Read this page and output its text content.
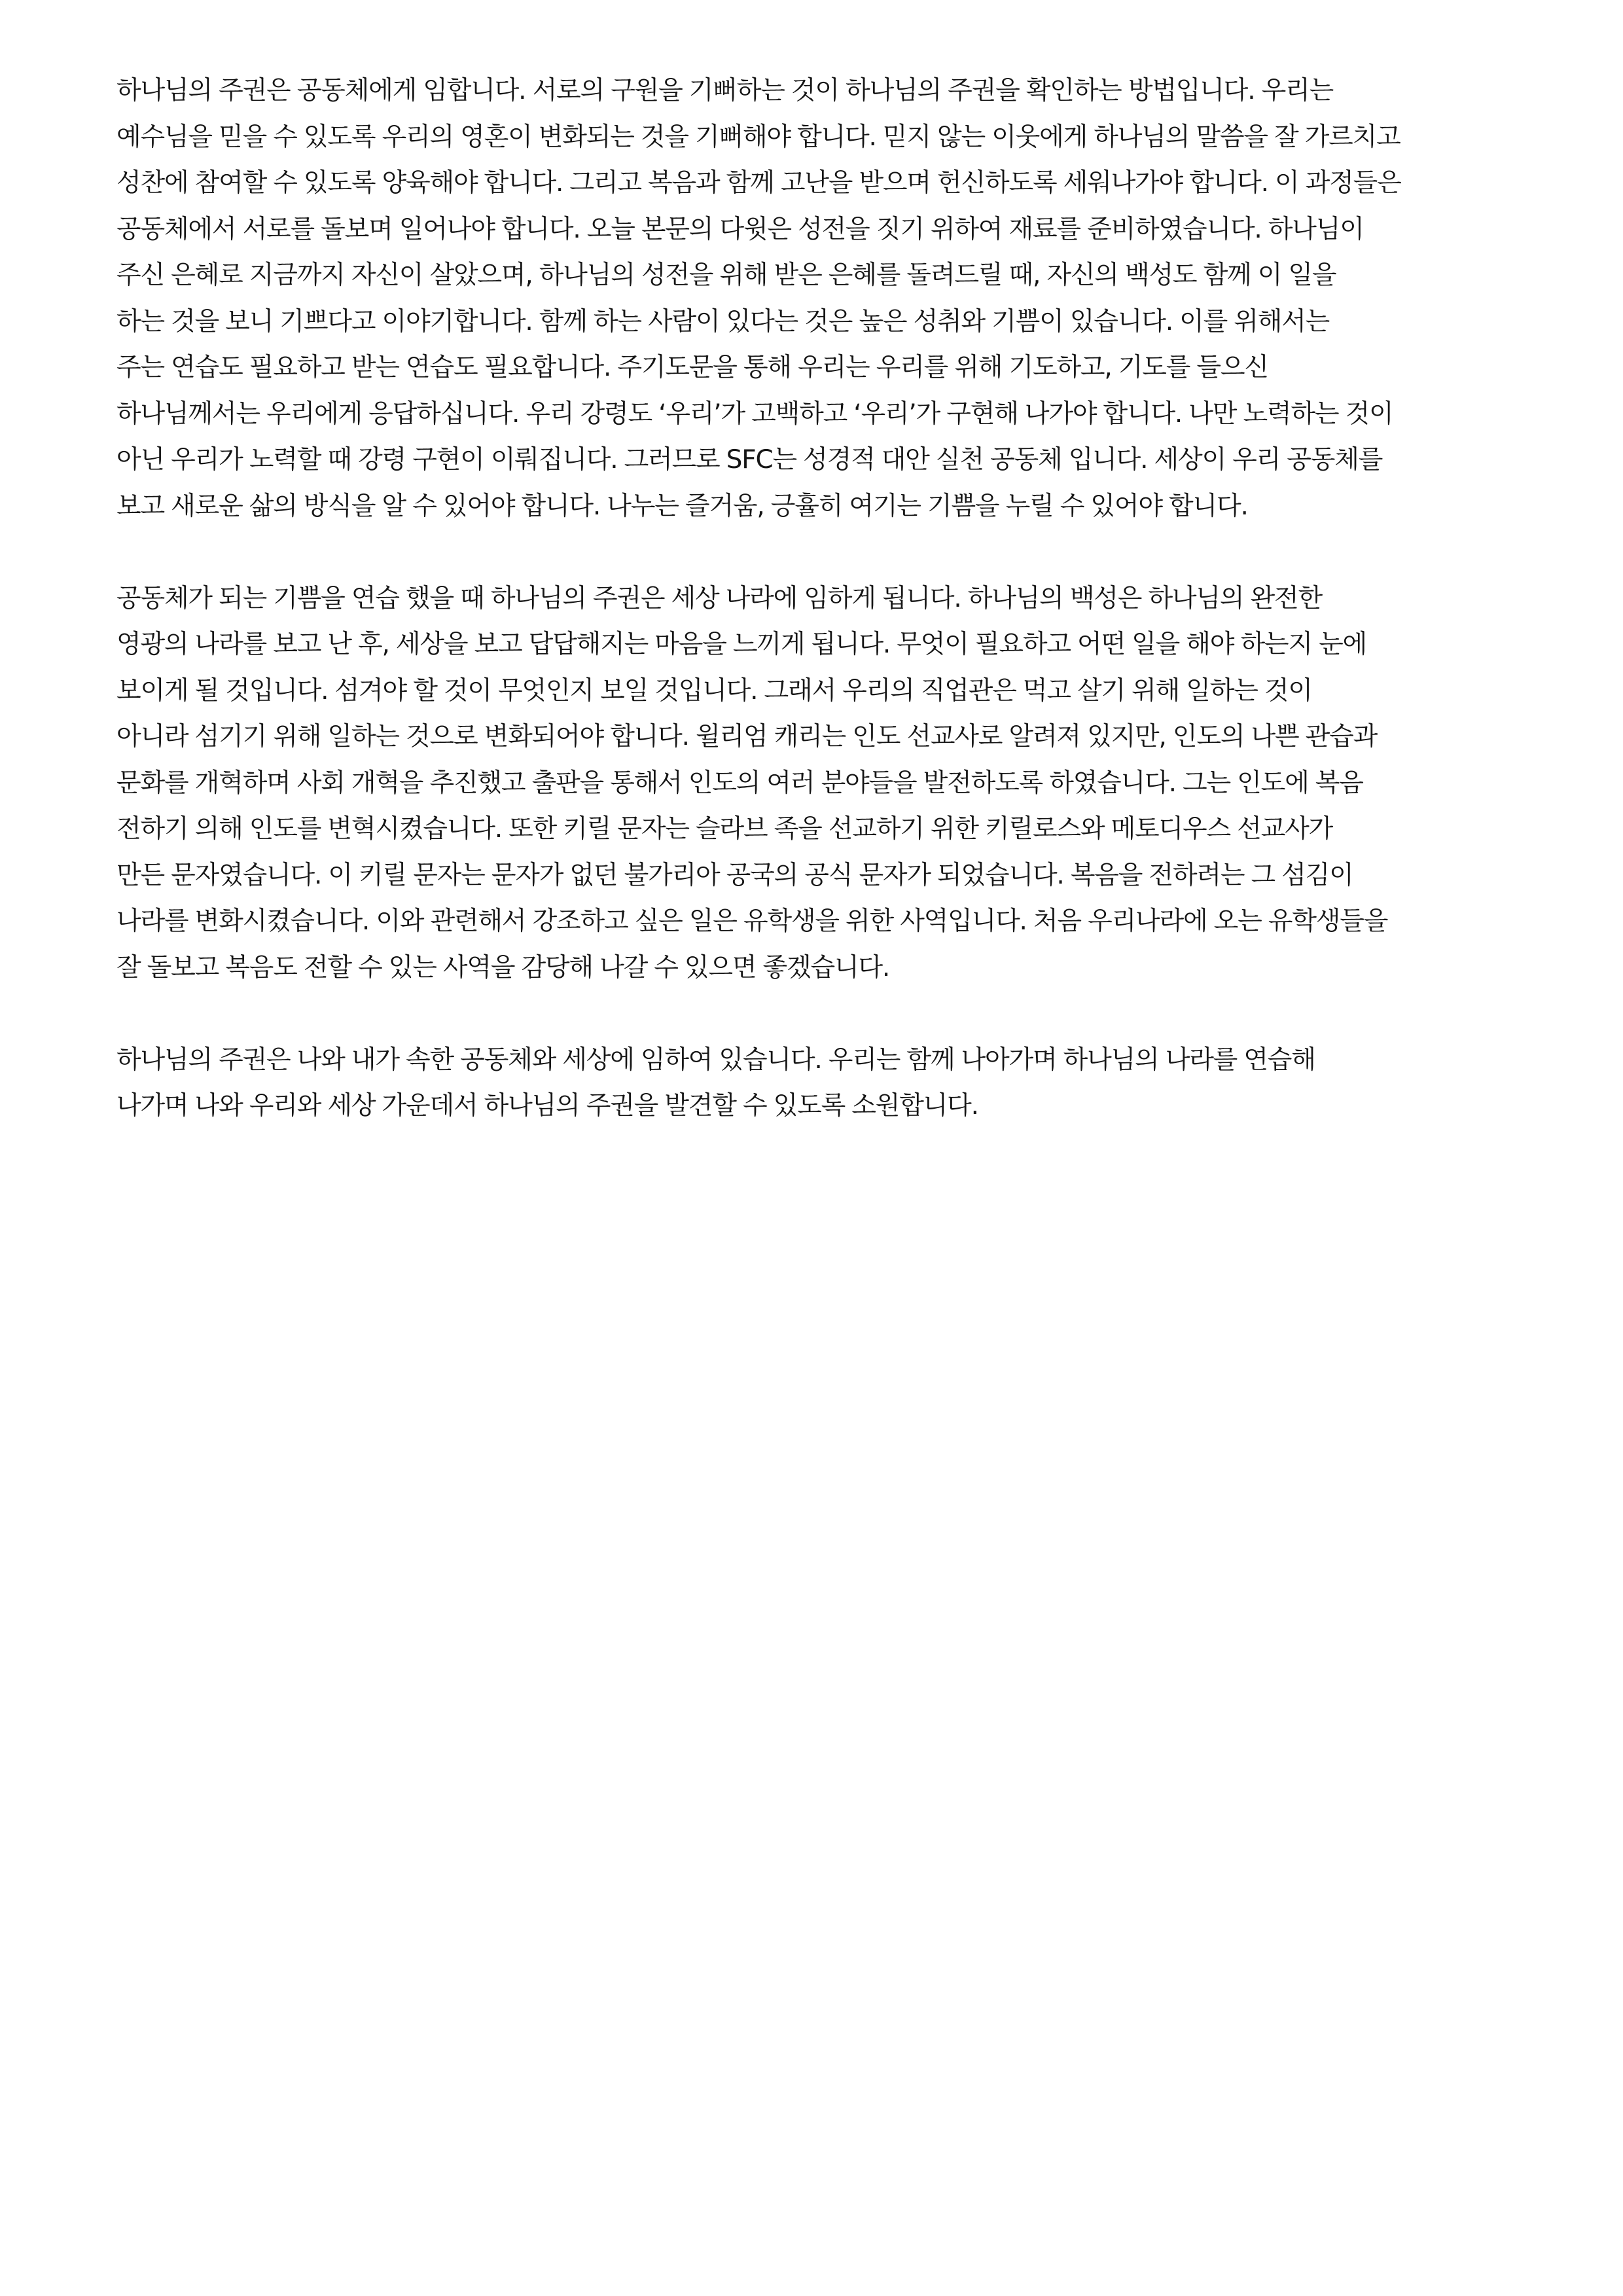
하나님의 주권은 공동체에게 임합니다. 서로의 구원을 기뻐하는 것이 하나님의 주권을 확인하는 방법입니다. 우리는
예수님을 믿을 수 있도록 우리의 영혼이 변화되는 것을 기뻐해야 합니다. 믿지 않는 이웃에게 하나님의 말씀을 잘 가르치고
성찬에 참여할 수 있도록 양육해야 합니다. 그리고 복음과 함께 고난을 받으며 헌신하도록 세워나가야 합니다. 이 과정들은
공동체에서 서로를 돌보며 일어나야 합니다. 오늘 본문의 다윗은 성전을 짓기 위하여 재료를 준비하였습니다. 하나님이
주신 은혜로 지금까지 자신이 살았으며, 하나님의 성전을 위해 받은 은혜를 돌려드릴 때, 자신의 백성도 함께 이 일을
하는 것을 보니 기쁘다고 이야기합니다. 함께 하는 사람이 있다는 것은 높은 성취와 기쁨이 있습니다. 이를 위해서는
주는 연습도 필요하고 받는 연습도 필요합니다. 주기도문을 통해 우리는 우리를 위해 기도하고, 기도를 들으신
하나님께서는 우리에게 응답하십니다. 우리 강령도 ‘우리’가 고백하고 ‘우리’가 구현해 나가야 합니다. 나만 노력하는 것이
아닌 우리가 노력할 때 강령 구현이 이뤄집니다. 그러므로 SFC는 성경적 대안 실천 공동체 입니다. 세상이 우리 공동체를
보고 새로운 삶의 방식을 알 수 있어야 합니다. 나누는 즐거움, 긍휼히 여기는 기쁨을 누릴 수 있어야 합니다.

공동체가 되는 기쁨을 연습 했을 때 하나님의 주권은 세상 나라에 임하게 됩니다. 하나님의 백성은 하나님의 완전한
영광의 나라를 보고 난 후, 세상을 보고 답답해지는 마음을 느끼게 됩니다. 무엇이 필요하고 어떤 일을 해야 하는지 눈에
보이게 될 것입니다. 섬겨야 할 것이 무엇인지 보일 것입니다. 그래서 우리의 직업관은 먹고 살기 위해 일하는 것이
아니라 섬기기 위해 일하는 것으로 변화되어야 합니다. 윌리엄 캐리는 인도 선교사로 알려져 있지만, 인도의 나쁜 관습과
문화를 개혁하며 사회 개혁을 추진했고 출판을 통해서 인도의 여러 분야들을 발전하도록 하였습니다. 그는 인도에 복음
전하기 의해 인도를 변혁시켰습니다. 또한 키릴 문자는 슬라브 족을 선교하기 위한 키릴로스와 메토디우스 선교사가
만든 문자였습니다. 이 키릴 문자는 문자가 없던 불가리아 공국의 공식 문자가 되었습니다. 복음을 전하려는 그 섬김이
나라를 변화시켰습니다. 이와 관련해서 강조하고 싶은 일은 유학생을 위한 사역입니다. 처음 우리나라에 오는 유학생들을
잘 돌보고 복음도 전할 수 있는 사역을 감당해 나갈 수 있으면 좋겠습니다.

하나님의 주권은 나와 내가 속한 공동체와 세상에 임하여 있습니다. 우리는 함께 나아가며 하나님의 나라를 연습해
나가며 나와 우리와 세상 가운데서 하나님의 주권을 발견할 수 있도록 소원합니다.
